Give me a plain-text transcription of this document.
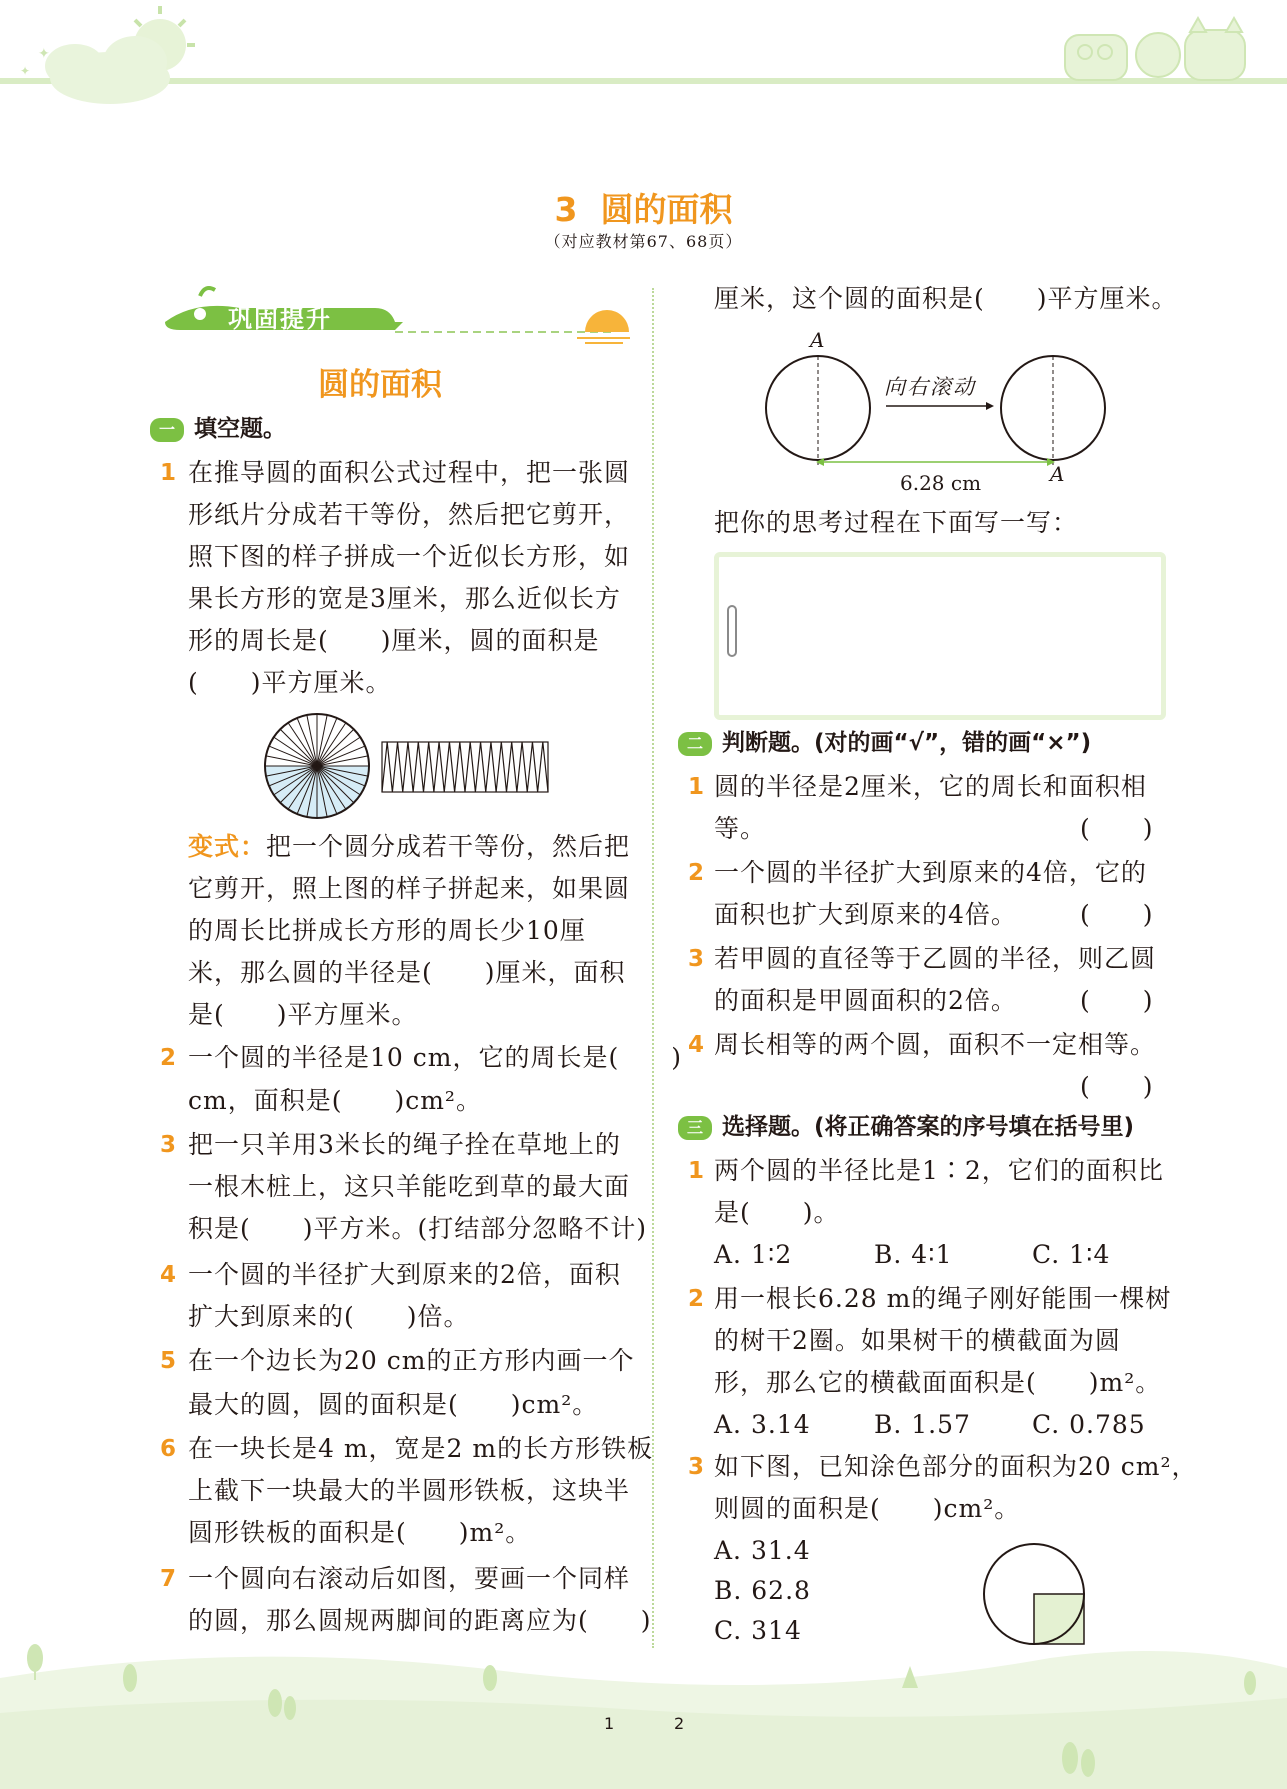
✦
✦
3 圆的面积
（对应教材第67、68页）
巩固提升
圆的面积
一 填空题。
1 在推导圆的面积公式过程中，把一张圆
形纸片分成若干等份，然后把它剪开，
照下图的样子拼成一个近似长方形，如
果长方形的宽是3厘米，那么近似长方
形的周长是(　　)厘米，圆的面积是
(　　)平方厘米。
变式：把一个圆分成若干等份，然后把
它剪开，照上图的样子拼起来，如果圆
的周长比拼成长方形的周长少10厘
米，那么圆的半径是(　　)厘米，面积
是(　　)平方厘米。
2 一个圆的半径是10 cm，它的周长是(　　)
cm，面积是(　　)cm²。
3 把一只羊用3米长的绳子拴在草地上的
一根木桩上，这只羊能吃到草的最大面
积是(　　)平方米。(打结部分忽略不计)
4 一个圆的半径扩大到原来的2倍，面积
扩大到原来的(　　)倍。
5 在一个边长为20 cm的正方形内画一个
最大的圆，圆的面积是(　　)cm²。
6 在一块长是4 m，宽是2 m的长方形铁板
上截下一块最大的半圆形铁板，这块半
圆形铁板的面积是(　　)m²。
7 一个圆向右滚动后如图，要画一个同样
的圆，那么圆规两脚间的距离应为(　　)
厘米，这个圆的面积是(　　)平方厘米。
A
A
向右滚动
6.28 cm
把你的思考过程在下面写一写：
二 判断题。(对的画“√”，错的画“×”)
1 圆的半径是2厘米，它的周长和面积相
等。	(　　)
2 一个圆的半径扩大到原来的4倍，它的
面积也扩大到原来的4倍。	(　　)
3 若甲圆的直径等于乙圆的半径，则乙圆
的面积是甲圆面积的2倍。	(　　)
4 周长相等的两个圆，面积不一定相等。
(　　)
三 选择题。(将正确答案的序号填在括号里)
1 两个圆的半径比是1∶2，它们的面积比
是(　　)。
A. 1∶2	B. 4∶1	C. 1∶4
2 用一根长6.28 m的绳子刚好能围一棵树
的树干2圈。如果树干的横截面为圆
形，那么它的横截面面积是(　　)m²。
A. 3.14	B. 1.57 C. 0.785
3 如下图，已知涂色部分的面积为20 cm²，
则圆的面积是(　　)cm²。
A. 31.4
B. 62.8
C. 314
1	2
